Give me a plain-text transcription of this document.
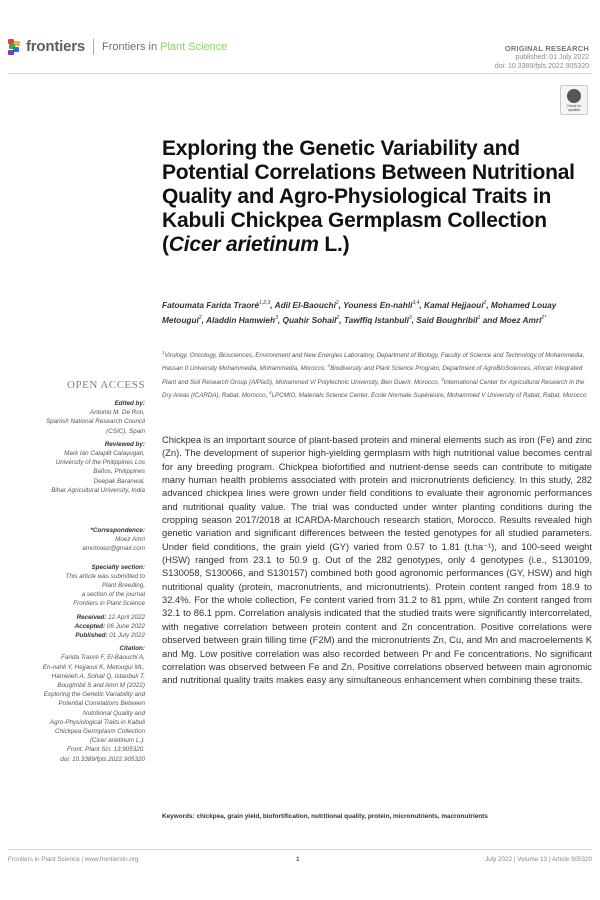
frontiers Frontiers in Plant Science	ORIGINAL RESEARCH
published: 01 July 2022
doi: 10.3389/fpls.2022.905320
Check for updates
Exploring the Genetic Variability and Potential Correlations Between Nutritional Quality and Agro-Physiological Traits in Kabuli Chickpea Germplasm Collection (Cicer arietinum L.)
Fatoumata Farida Traoré$^{1,2,3}$, Adil El-Baouchi$^2$, Youness En-nahli$^{3,4}$, Kamal Hejjaoui$^2$, Mohamed Louay Metougui$^2$, Aladdin Hamwieh$^3$, Quahir Sohail$^2$, Tawffiq Istanbuli$^3$, Said Boughribil$^1$ and Moez Amri$^{2*}$
$^1$Virology, Oncology, Biosciences, Environment and New Energies Laboratory, Department of Biology, Faculty of Science and Technology of Mohammedia, Hassan II University Mohammedia, Mohammedia, Morocco, $^2$Biodiversity and Plant Science Program, Department of AgroBioSciences, African Integrated Plant and Soil Research Group (AfPlaS), Mohammed VI Polytechnic University, Ben Guerir, Morocco, $^3$International Center for Agricultural Research in the Dry Areas (ICARDA), Rabat, Morocco, $^4$LPCMIO, Materials Science Center, Ecole Normale Supérieure, Mohammed V University of Rabat, Rabat, Morocco
OPEN ACCESS
Edited by:
Antonio M. De Ron,
Spanish National Research Council
(CSIC), Spain
Reviewed by:
Mark Ian Calaplit Calayugan,
University of the Philippines Los
Baños, Philippines
Deepak Baranwal,
Bihar Agricultural University, India
*Correspondence:
Moez Amri
amrimoez@gmail.com
Specialty section:
This article was submitted to
Plant Breeding,
a section of the journal
Frontiers in Plant Science
Received: 12 April 2022
Accepted: 06 June 2022
Published: 01 July 2022
Citation:
Farida Traoré F, El-Baouchi A,
En-nahli Y, Hejjaoui K, Metougui ML,
Hamwieh A, Sohail Q, Istanbuli T,
Boughribil S and Amri M (2022)
Exploring the Genetic Variability and
Potential Correlations Between
Nutritional Quality and
Agro-Physiological Traits in Kabuli
Chickpea Germplasm Collection
(Cicer arietinum L.).
Front. Plant Sci. 13:905320.
doi: 10.3389/fpls.2022.905320

Chickpea is an important source of plant-based protein and mineral elements such as iron (Fe) and zinc (Zn). The development of superior high-yielding germplasm with high nutritional value becomes central for any breeding program. Chickpea biofortified and nutrient-dense seeds can contribute to mitigate many human health problems associated with protein and micronutrients deficiency. In this study, 282 advanced chickpea lines were grown under field conditions to evaluate their agronomic performances and nutritional quality value. The trial was conducted under winter planting conditions during the cropping season 2017/2018 at ICARDA-Marchouch research station, Morocco. Results revealed high genetic variation and significant differences between the tested genotypes for all studied parameters. Under field conditions, the grain yield (GY) varied from 0.57 to 1.81 (t.ha⁻¹), and 100-seed weight (HSW) ranged from 23.1 to 50.9 g. Out of the 282 genotypes, only 4 genotypes (i.e., S130109, S130058, S130066, and S130157) combined both good agronomic performances (GY, HSW) and high nutritional quality (protein, macronutrients, and micronutrients). Protein content ranged from 18.9 to 32.4%. For the whole collection, Fe content varied from 31.2 to 81 ppm, while Zn content ranged from 32.1 to 86.1 ppm. Correlation analysis indicated that the studied traits were significantly intercorrelated, with negative correlation between protein content and Zn concentration. Positive correlations were observed between grain filling time (F2M) and the micronutrients Zn, Cu, and Mn and macroelements K and Mg. Low positive correlation was also recorded between Pr and Fe concentrations. No significant correlation was observed between Fe and Zn. Positive correlations observed between main agronomic and nutritional quality traits makes easy any simultaneous enhancement when combining these traits.

Keywords: chickpea, grain yield, biofortification, nutritional quality, protein, micronutrients, macronutrients
Frontiers in Plant Science | www.frontiersin.org	1	July 2022 | Volume 13 | Article 905320
